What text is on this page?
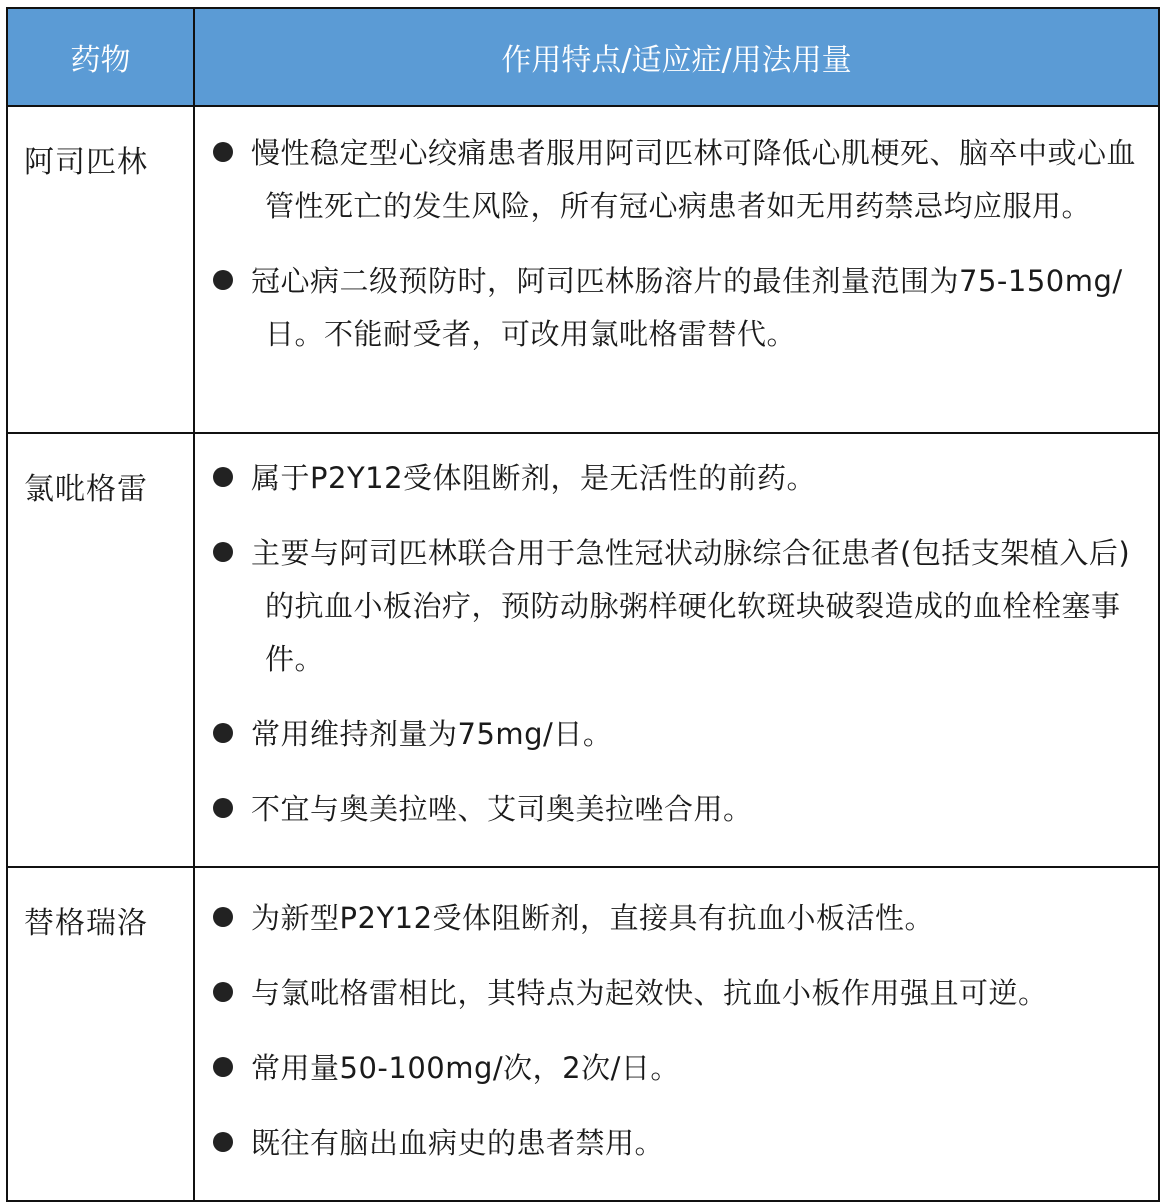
药物	作用特点/适应症/用法用量

阿司匹林	慢性稳定型心绞痛患者服用阿司匹林可降低心肌梗死、脑卒中或心血管性死亡的发生风险，所有冠心病患者如无用药禁忌均应服用。
冠心病二级预防时，阿司匹林肠溶片的最佳剂量范围为75-150mg/日。不能耐受者，可改用氯吡格雷替代。

氯吡格雷	属于P2Y12受体阻断剂，是无活性的前药。
主要与阿司匹林联合用于急性冠状动脉综合征患者(包括支架植入后)的抗血小板治疗，预防动脉粥样硬化软斑块破裂造成的血栓栓塞事件。
常用维持剂量为75mg/日。
不宜与奥美拉唑、艾司奥美拉唑合用。

替格瑞洛	为新型P2Y12受体阻断剂，直接具有抗血小板活性。
与氯吡格雷相比，其特点为起效快、抗血小板作用强且可逆。
常用量50-100mg/次，2次/日。
既往有脑出血病史的患者禁用。
